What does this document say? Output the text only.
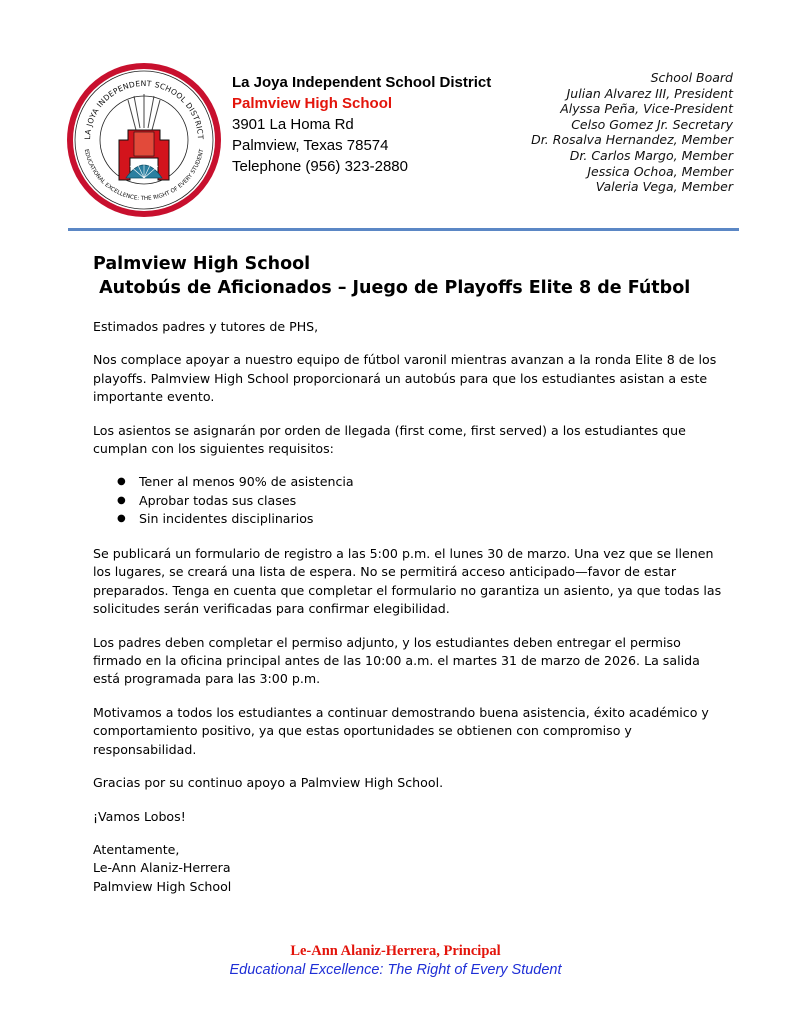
LA JOYA INDEPENDENT SCHOOL DISTRICT
EDUCATIONAL EXCELLENCE: THE RIGHT OF EVERY STUDENT
La Joya Independent School District
Palmview High School
3901 La Homa Rd
Palmview, Texas 78574
Telephone (956) 323-2880
School Board
Julian Alvarez III, President
Alyssa Peña, Vice-President
Celso Gomez Jr. Secretary
Dr. Rosalva Hernandez, Member
Dr. Carlos Margo, Member
Jessica Ochoa, Member
Valeria Vega, Member
Palmview High School
Autobús de Aficionados – Juego de Playoffs Elite 8 de Fútbol
Estimados padres y tutores de PHS,
Nos complace apoyar a nuestro equipo de fútbol varonil mientras avanzan a la ronda Elite 8 de los playoffs. Palmview High School proporcionará un autobús para que los estudiantes asistan a este importante evento.
Los asientos se asignarán por orden de llegada (first come, first served) a los estudiantes que cumplan con los siguientes requisitos:
● Tener al menos 90% de asistencia
● Aprobar todas sus clases
● Sin incidentes disciplinarios
Se publicará un formulario de registro a las 5:00 p.m. el lunes 30 de marzo. Una vez que se llenen los lugares, se creará una lista de espera. No se permitirá acceso anticipado—favor de estar preparados. Tenga en cuenta que completar el formulario no garantiza un asiento, ya que todas las solicitudes serán verificadas para confirmar elegibilidad.
Los padres deben completar el permiso adjunto, y los estudiantes deben entregar el permiso firmado en la oficina principal antes de las 10:00 a.m. el martes 31 de marzo de 2026. La salida está programada para las 3:00 p.m.
Motivamos a todos los estudiantes a continuar demostrando buena asistencia, éxito académico y comportamiento positivo, ya que estas oportunidades se obtienen con compromiso y responsabilidad.
Gracias por su continuo apoyo a Palmview High School.
¡Vamos Lobos!
Atentamente,
Le-Ann Alaniz-Herrera
Palmview High School
Le-Ann Alaniz-Herrera, Principal
Educational Excellence: The Right of Every Student
